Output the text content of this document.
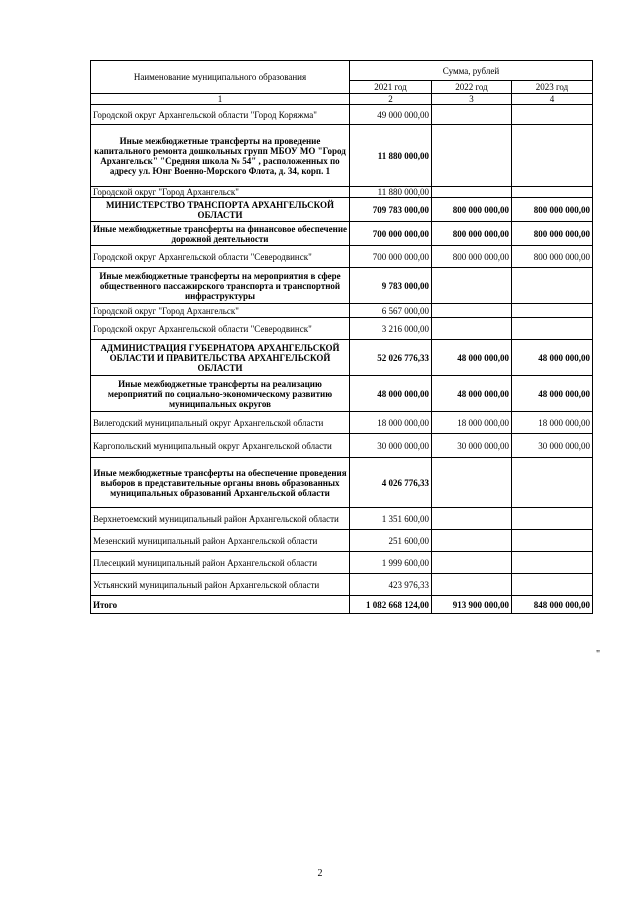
Наименование муниципального образования	Сумма, рублей		
	2021 год	2022 год	2023 год
1	2	3	4
Городской округ Архангельской области "Город Коряжма"	49 000 000,00		
Иные межбюджетные трансферты на проведение капитального ремонта дошкольных групп МБОУ МО "Город Архангельск" "Средняя школа № 54" , расположенных по адресу ул. Юнг Военно-Морского Флота, д. 34, корп. 1	11 880 000,00		
Городской округ "Город Архангельск"	11 880 000,00		
МИНИСТЕРСТВО ТРАНСПОРТА АРХАНГЕЛЬСКОЙ ОБЛАСТИ	709 783 000,00	800 000 000,00	800 000 000,00
Иные межбюджетные трансферты на финансовое обеспечение дорожной деятельности	700 000 000,00	800 000 000,00	800 000 000,00
Городской округ Архангельской области "Северодвинск"	700 000 000,00	800 000 000,00	800 000 000,00
Иные межбюджетные трансферты на мероприятия в сфере общественного пассажирского транспорта и транспортной инфраструктуры	9 783 000,00		
Городской округ "Город Архангельск"	6 567 000,00		
Городской округ Архангельской области "Северодвинск"	3 216 000,00		
АДМИНИСТРАЦИЯ ГУБЕРНАТОРА АРХАНГЕЛЬСКОЙ ОБЛАСТИ И ПРАВИТЕЛЬСТВА АРХАНГЕЛЬСКОЙ ОБЛАСТИ	52 026 776,33	48 000 000,00	48 000 000,00
Иные межбюджетные трансферты на реализацию мероприятий по социально-экономическому развитию муниципальных округов	48 000 000,00	48 000 000,00	48 000 000,00
Вилегодский муниципальный округ Архангельской области	18 000 000,00	18 000 000,00	18 000 000,00
Каргопольский муниципальный округ Архангельской области	30 000 000,00	30 000 000,00	30 000 000,00
Иные межбюджетные трансферты на обеспечение проведения выборов в представительные органы вновь образованных муниципальных образований Архангельской области	4 026 776,33		
Верхнетоемский муниципальный район Архангельской области	1 351 600,00		
Мезенский муниципальный район Архангельской области	251 600,00		
Плесецкий муниципальный район Архангельской области	1 999 600,00		
Устьянский муниципальный район Архангельской области	423 976,33		
Итого	1 082 668 124,00	913 900 000,00	848 000 000,00
"
2
